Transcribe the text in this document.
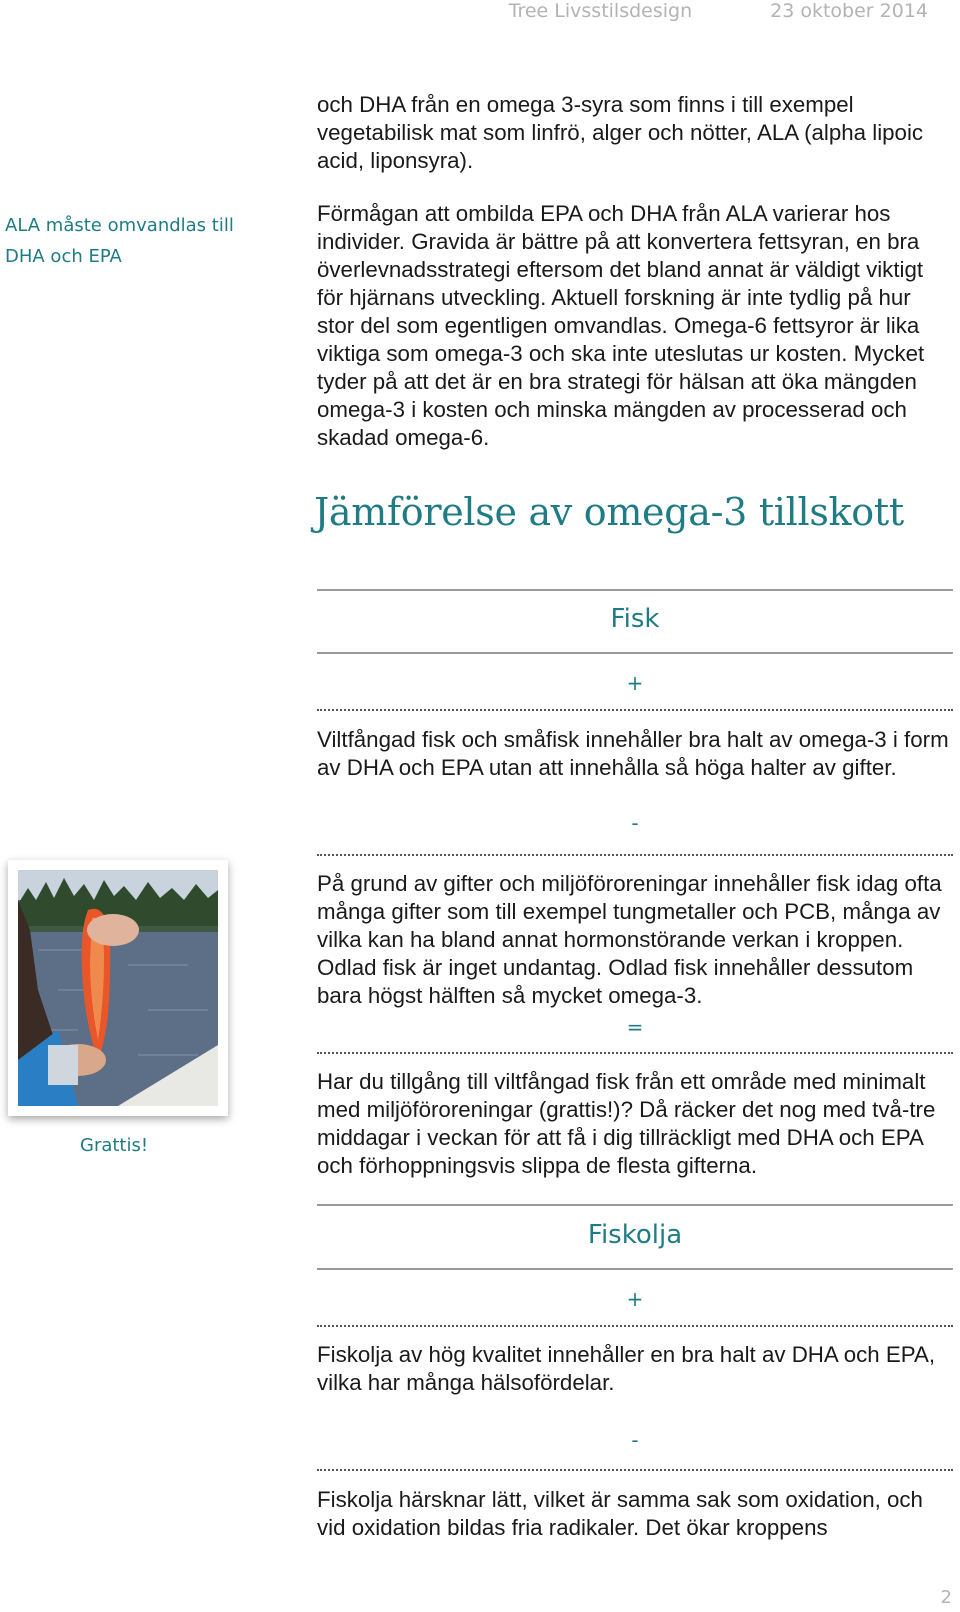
Tree Livsstilsdesign	23 oktober 2014

och DHA från en omega 3-syra som finns i till exempel vegetabilisk mat som linfrö, alger och nötter, ALA (alpha lipoic acid, liponsyra).

ALA måste omvandlas till DHA och EPA

Förmågan att ombilda EPA och DHA från ALA varierar hos individer. Gravida är bättre på att konvertera fettsyran, en bra överlevnadsstrategi eftersom det bland annat är väldigt viktigt för hjärnans utveckling. Aktuell forskning är inte tydlig på hur stor del som egentligen omvandlas. Omega-6 fettsyror är lika viktiga som omega-3 och ska inte uteslutas ur kosten. Mycket tyder på att det är en bra strategi för hälsan att öka mängden omega-3 i kosten och minska mängden av processerad och skadad omega-6.

Jämförelse av omega-3 tillskott
Fisk
+

Viltfångad fisk och småfisk innehåller bra halt av omega-3 i form av DHA och EPA utan att innehålla så höga halter av gifter.

-

På grund av gifter och miljöföroreningar innehåller fisk idag ofta många gifter som till exempel tungmetaller och PCB, många av vilka kan ha bland annat hormonstörande verkan i kroppen. Odlad fisk är inget undantag. Odlad fisk innehåller dessutom bara högst hälften så mycket omega-3.

=

Har du tillgång till viltfångad fisk från ett område med minimalt med miljöföroreningar (grattis!)? Då räcker det nog med två-tre middagar i veckan för att få i dig tillräckligt med DHA och EPA och förhoppningsvis slippa de flesta gifterna.

Grattis!
Fiskolja
+

Fiskolja av hög kvalitet innehåller en bra halt av DHA och EPA, vilka har många hälsofördelar.

-

Fiskolja härsknar lätt, vilket är samma sak som oxidation, och vid oxidation bildas fria radikaler. Det ökar kroppens

2
